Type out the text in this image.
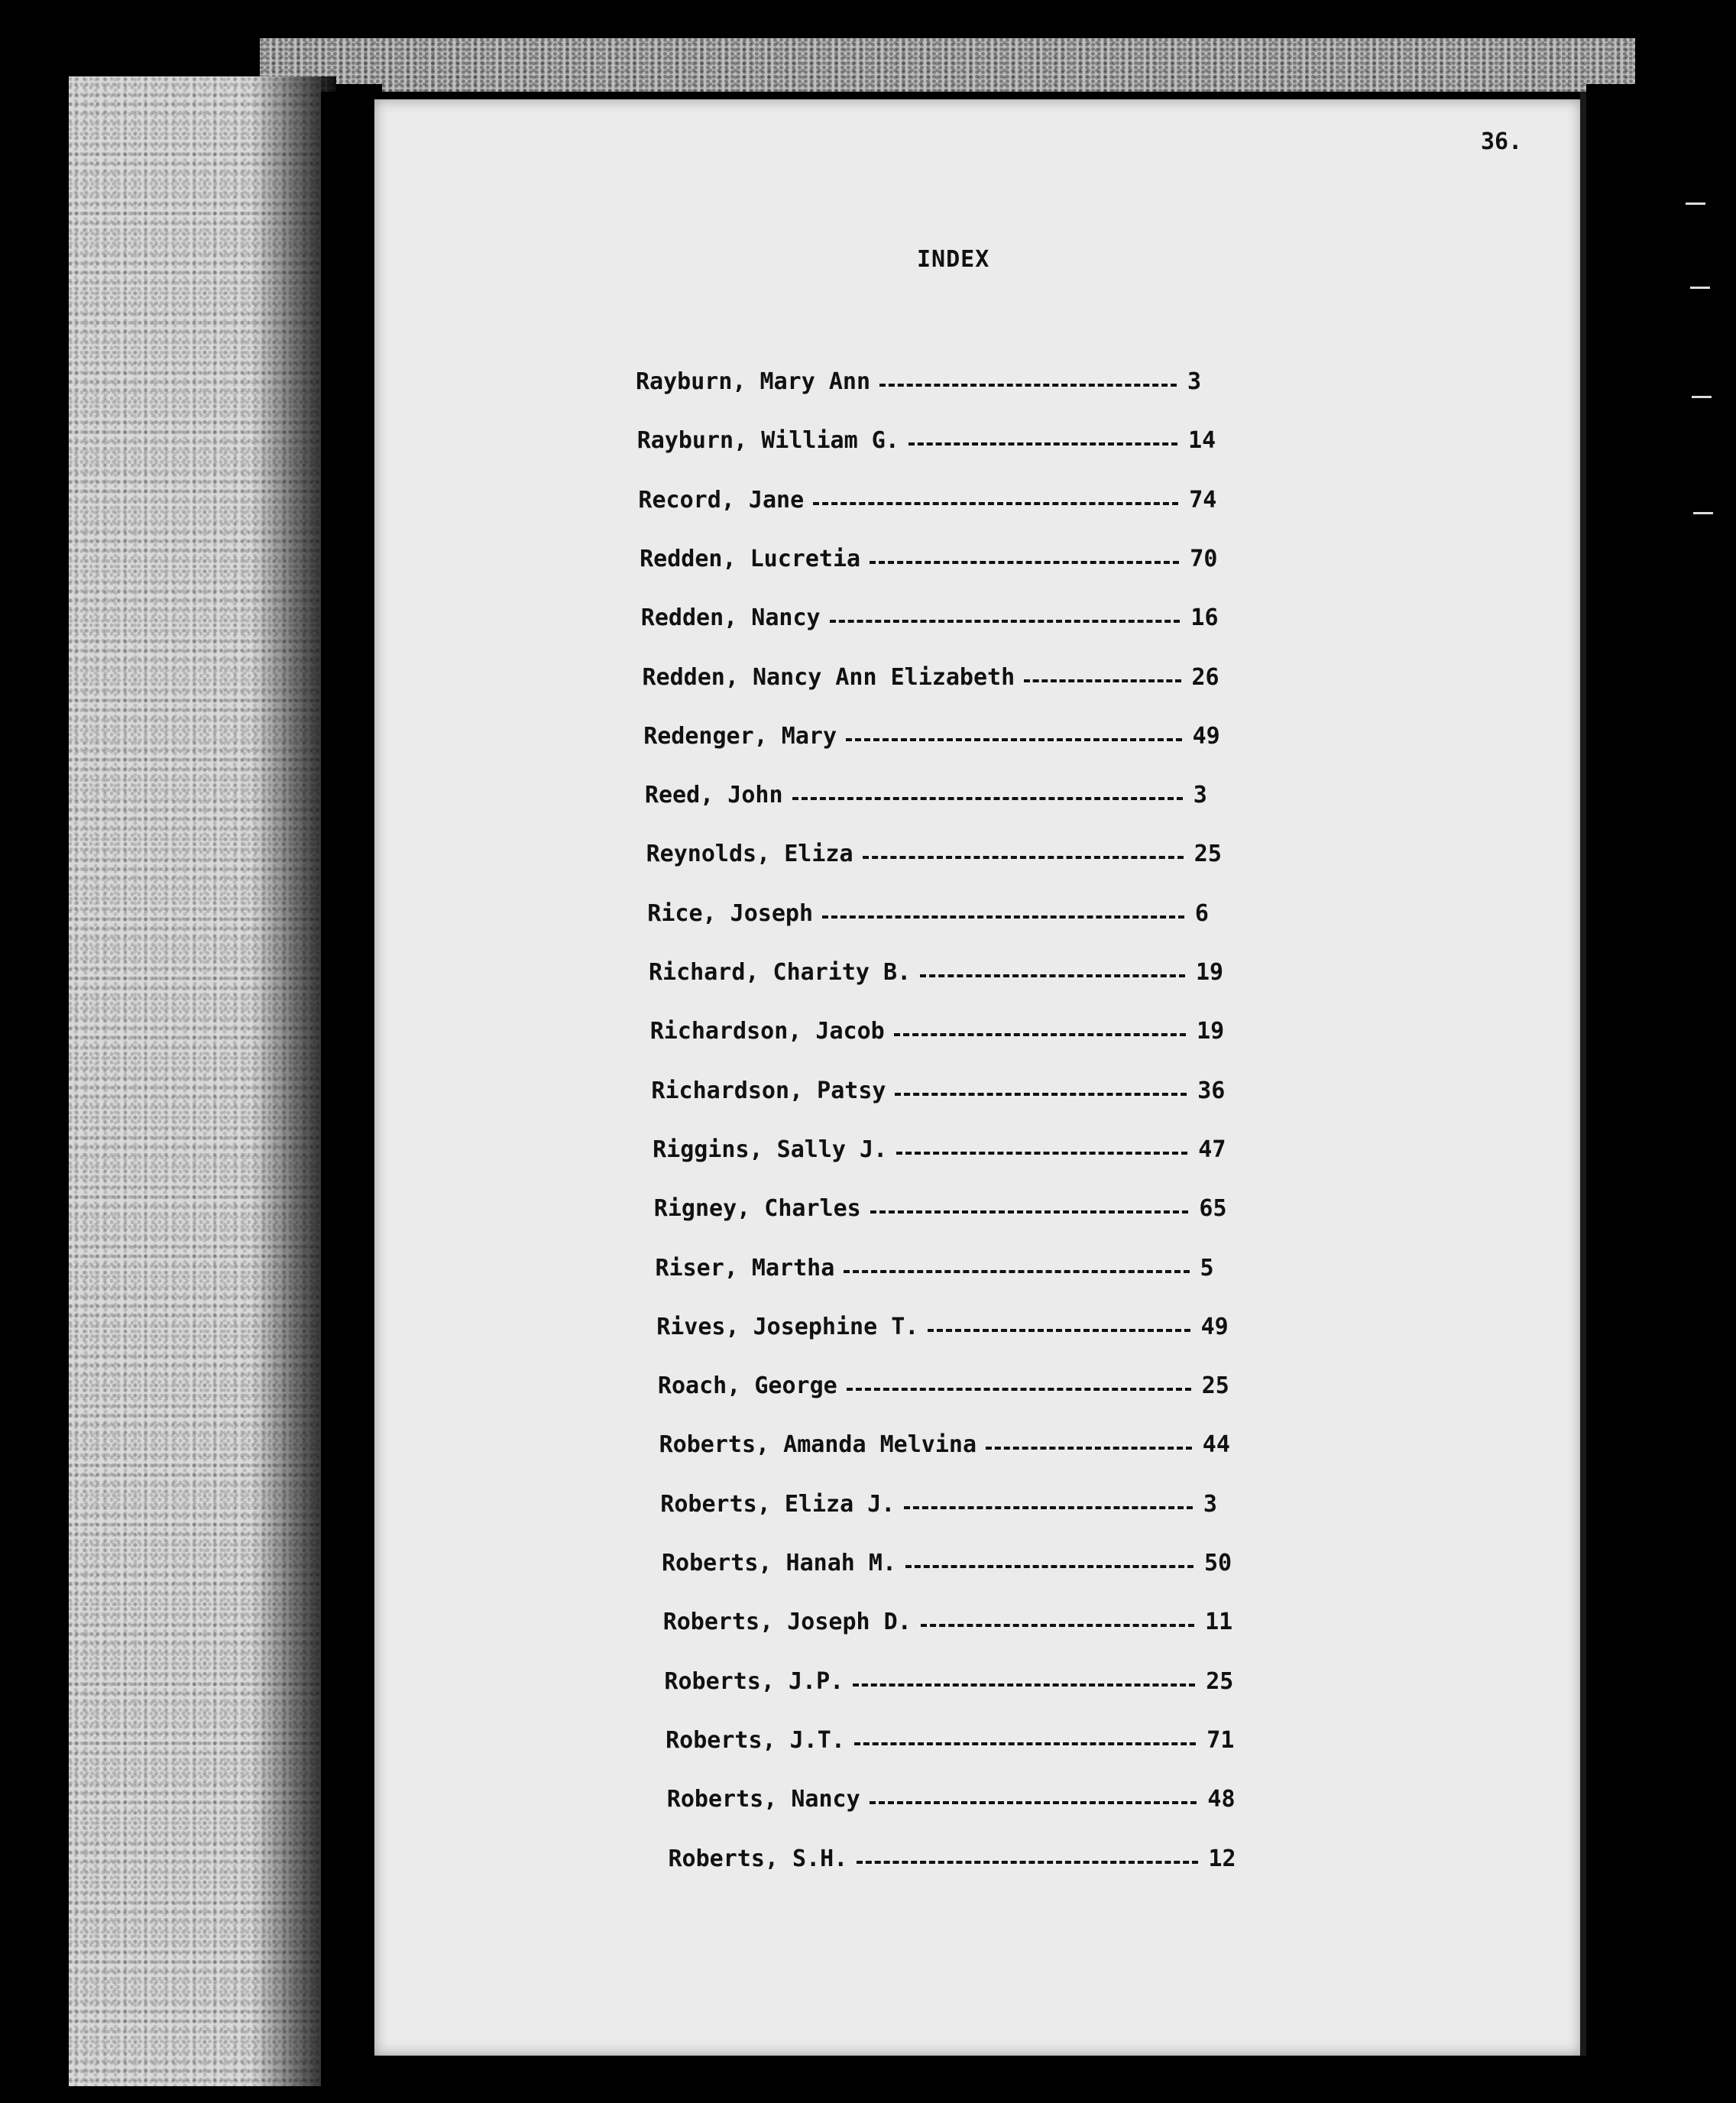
36.
INDEX
Rayburn, Mary Ann	3
Rayburn, William G.	14
Record, Jane	74
Redden, Lucretia	70
Redden, Nancy	16
Redden, Nancy Ann Elizabeth	26
Redenger, Mary	49
Reed, John	3
Reynolds, Eliza	25
Rice, Joseph	6
Richard, Charity B.	19
Richardson, Jacob	19
Richardson, Patsy	36
Riggins, Sally J.	47
Rigney, Charles	65
Riser, Martha	5
Rives, Josephine T.	49
Roach, George	25
Roberts, Amanda Melvina	44
Roberts, Eliza J.	3
Roberts, Hanah M.	50
Roberts, Joseph D.	11
Roberts, J.P.	25
Roberts, J.T.	71
Roberts, Nancy	48
Roberts, S.H.	12
